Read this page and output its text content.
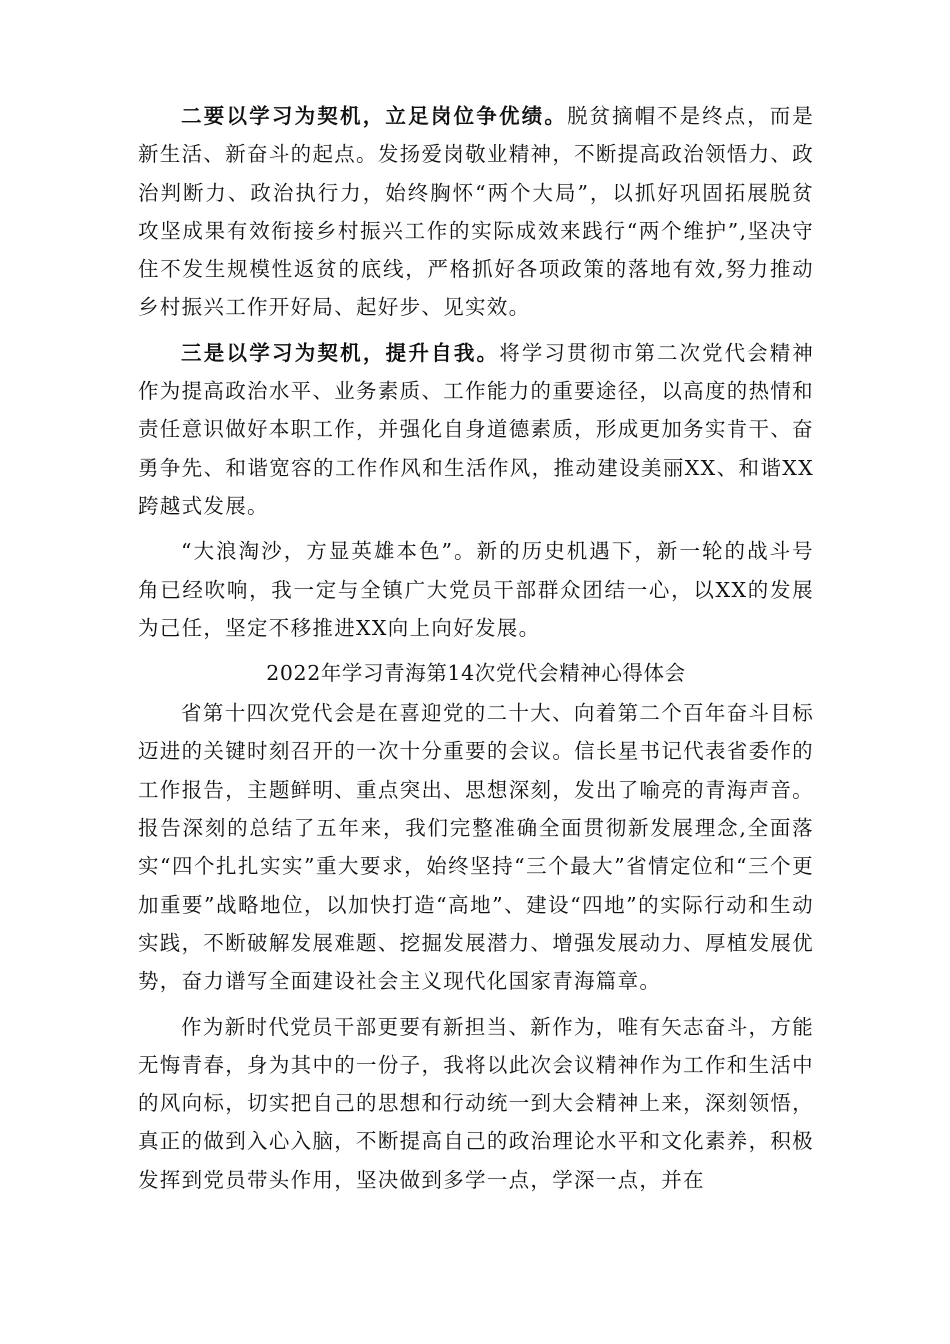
二要以学习为契机，立足岗位争优绩。脱贫摘帽不是终点，而是新生活、新奋斗的起点。发扬爱岗敬业精神，不断提高政治领悟力、政治判断力、政治执行力，始终胸怀“两个大局”，以抓好巩固拓展脱贫攻坚成果有效衔接乡村振兴工作的实际成效来践行“两个维护”,坚决守住不发生规模性返贫的底线，严格抓好各项政策的落地有效,努力推动乡村振兴工作开好局、起好步、见实效。

三是以学习为契机，提升自我。将学习贯彻市第二次党代会精神作为提高政治水平、业务素质、工作能力的重要途径，以高度的热情和责任意识做好本职工作，并强化自身道德素质，形成更加务实肯干、奋勇争先、和谐宽容的工作作风和生活作风，推动建设美丽XX、和谐XX跨越式发展。

“大浪淘沙，方显英雄本色”。新的历史机遇下，新一轮的战斗号角已经吹响，我一定与全镇广大党员干部群众团结一心，以XX的发展为己任，坚定不移推进XX向上向好发展。

2022年学习青海第14次党代会精神心得体会

省第十四次党代会是在喜迎党的二十大、向着第二个百年奋斗目标迈进的关键时刻召开的一次十分重要的会议。信长星书记代表省委作的工作报告，主题鲜明、重点突出、思想深刻，发出了喻亮的青海声音。报告深刻的总结了五年来，我们完整准确全面贯彻新发展理念,全面落实“四个扎扎实实”重大要求，始终坚持“三个最大”省情定位和“三个更加重要”战略地位，以加快打造“高地”、建设“四地”的实际行动和生动实践，不断破解发展难题、挖掘发展潜力、增强发展动力、厚植发展优势，奋力谱写全面建设社会主义现代化国家青海篇章。

作为新时代党员干部更要有新担当、新作为，唯有矢志奋斗，方能无悔青春，身为其中的一份子，我将以此次会议精神作为工作和生活中的风向标，切实把自己的思想和行动统一到大会精神上来，深刻领悟，真正的做到入心入脑，不断提高自己的政治理论水平和文化素养，积极发挥到党员带头作用，坚决做到多学一点，学深一点，并在
